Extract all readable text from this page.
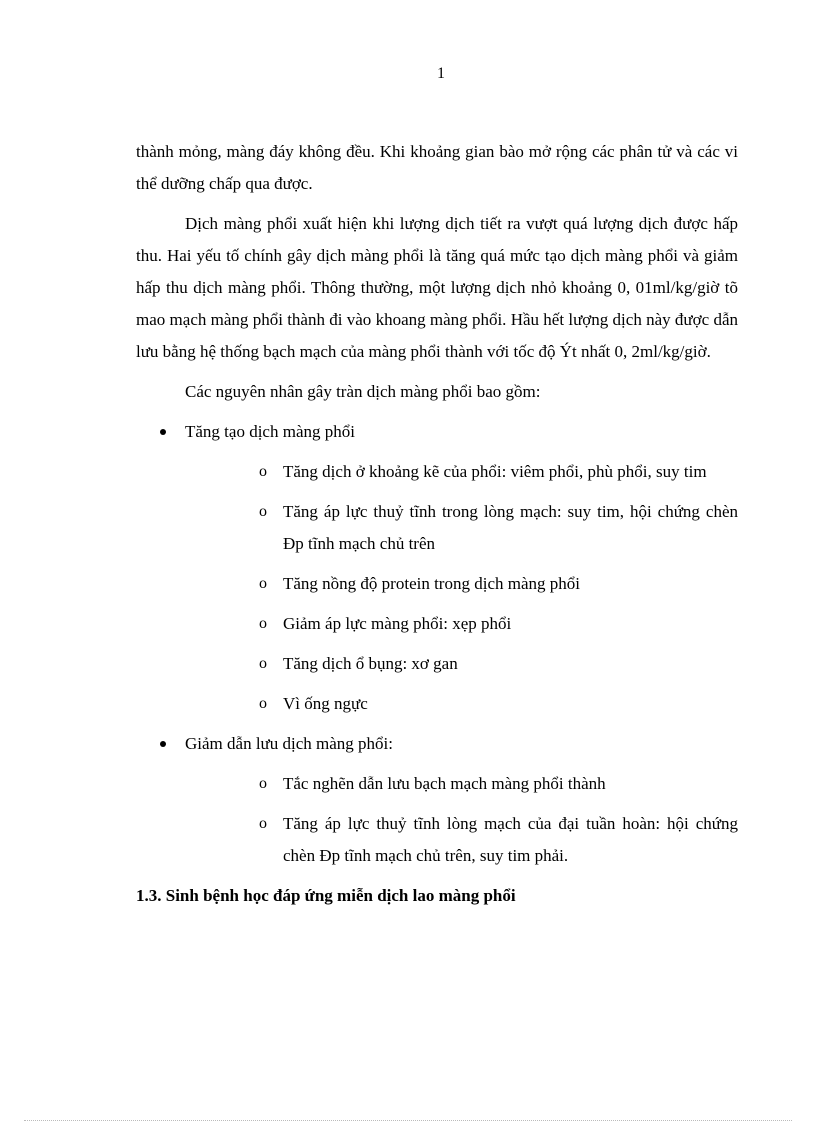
1

thành mỏng, màng đáy không đều. Khi khoảng gian bào mở rộng các phân tử và các vi thể dưỡng chấp qua được.

Dịch màng phổi xuất hiện khi lượng dịch tiết ra vượt quá lượng dịch được hấp thu. Hai yếu tố chính gây dịch màng phổi là tăng quá mức tạo dịch màng phổi và giảm hấp thu dịch màng phổi. Thông thường, một lượng dịch nhỏ khoảng 0, 01ml/kg/giờ tõ mao mạch màng phổi thành đi vào khoang màng phổi. Hầu hết lượng dịch này được dẫn lưu bằng hệ thống bạch mạch của màng phổi thành với tốc độ Ýt nhất 0, 2ml/kg/giờ.

Các nguyên nhân gây tràn dịch màng phổi bao gồm:

Tăng tạo dịch màng phổi
o Tăng dịch ở khoảng kẽ của phổi: viêm phổi, phù phổi, suy tim
o Tăng áp lực thuỷ tĩnh trong lòng mạch: suy tim, hội chứng chèn Ðp tĩnh mạch chủ trên
o Tăng nồng độ protein trong dịch màng phổi
o Giảm áp lực màng phổi: xẹp phổi
o Tăng dịch ổ bụng: xơ gan
o Vì ống ngực
Giảm dẫn lưu dịch màng phổi:
o Tắc nghẽn dẫn lưu bạch mạch màng phổi thành
o Tăng áp lực thuỷ tĩnh lòng mạch của đại tuần hoàn: hội chứng chèn Ðp tĩnh mạch chủ trên, suy tim phải.
1.3. Sinh bệnh học đáp ứng miễn dịch lao màng phổi
